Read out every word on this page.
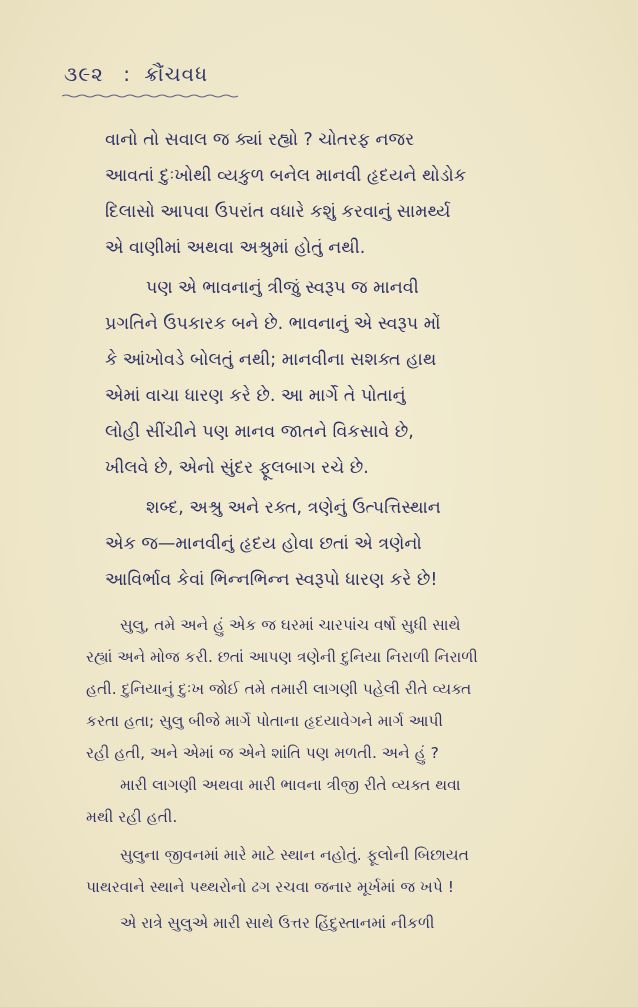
૩૯૨ : ક્રૌંચવધ
વાનો તો સવાલ જ ક્યાં રહ્યો ? ચોતરફ નજર
આવતાં દુઃખોથી વ્યકુળ બનેલ માનવી હૃદયને થોડોક
દિલાસો આપવા ઉપરાંત વધારે કશું કરવાનું સામર્થ્ય
એ વાણીમાં અથવા અશ્રુમાં હોતું નથી.
પણ એ ભાવનાનું ત્રીજું સ્વરૂપ જ માનવી
પ્રગતિને ઉપકારક બને છે. ભાવનાનું એ સ્વરૂપ મોં
કે આંખોવડે બોલતું નથી; માનવીના સશક્ત હાથ
એમાં વાચા ધારણ કરે છે. આ માર્ગે તે પોતાનું
લોહી સીંચીને પણ માનવ જાતને વિકસાવે છે,
ખીલવે છે, એનો સુંદર ફૂલબાગ રચે છે.
શબ્દ, અશ્રુ અને રક્ત, ત્રણેનું ઉત્પત્તિસ્થાન
એક જ—માનવીનું હૃદય હોવા છતાં એ ત્રણેનો
આવિર્ભાવ કેવાં ભિન્નભિન્ન સ્વરૂપો ધારણ કરે છે!
સુલુ, તમે અને હું એક જ ઘરમાં ચારપાંચ વર્ષો સુધી સાથે
રહ્યાં અને મોજ કરી. છતાં આપણ ત્રણેની દુનિયા નિરાળી નિરાળી
હતી. દુનિયાનું દુઃખ જોઈ તમે તમારી લાગણી પહેલી રીતે વ્યક્ત
કરતા હતા; સુલુ બીજે માર્ગે પોતાના હૃદયાવેગને માર્ગ આપી
રહી હતી, અને એમાં જ એને શાંતિ પણ મળતી. અને હું ?
મારી લાગણી અથવા મારી ભાવના ત્રીજી રીતે વ્યક્ત થવા
મથી રહી હતી.
સુલુના જીવનમાં મારે માટે સ્થાન નહોતું. ફૂલોની બિછાયત
પાથરવાને સ્થાને પથ્થરોનો ઢગ રચવા જનાર મૂર્ખમાં જ ખપે !
એ રાત્રે સુલુએ મારી સાથે ઉત્તર હિંદુસ્તાનમાં નીકળી
